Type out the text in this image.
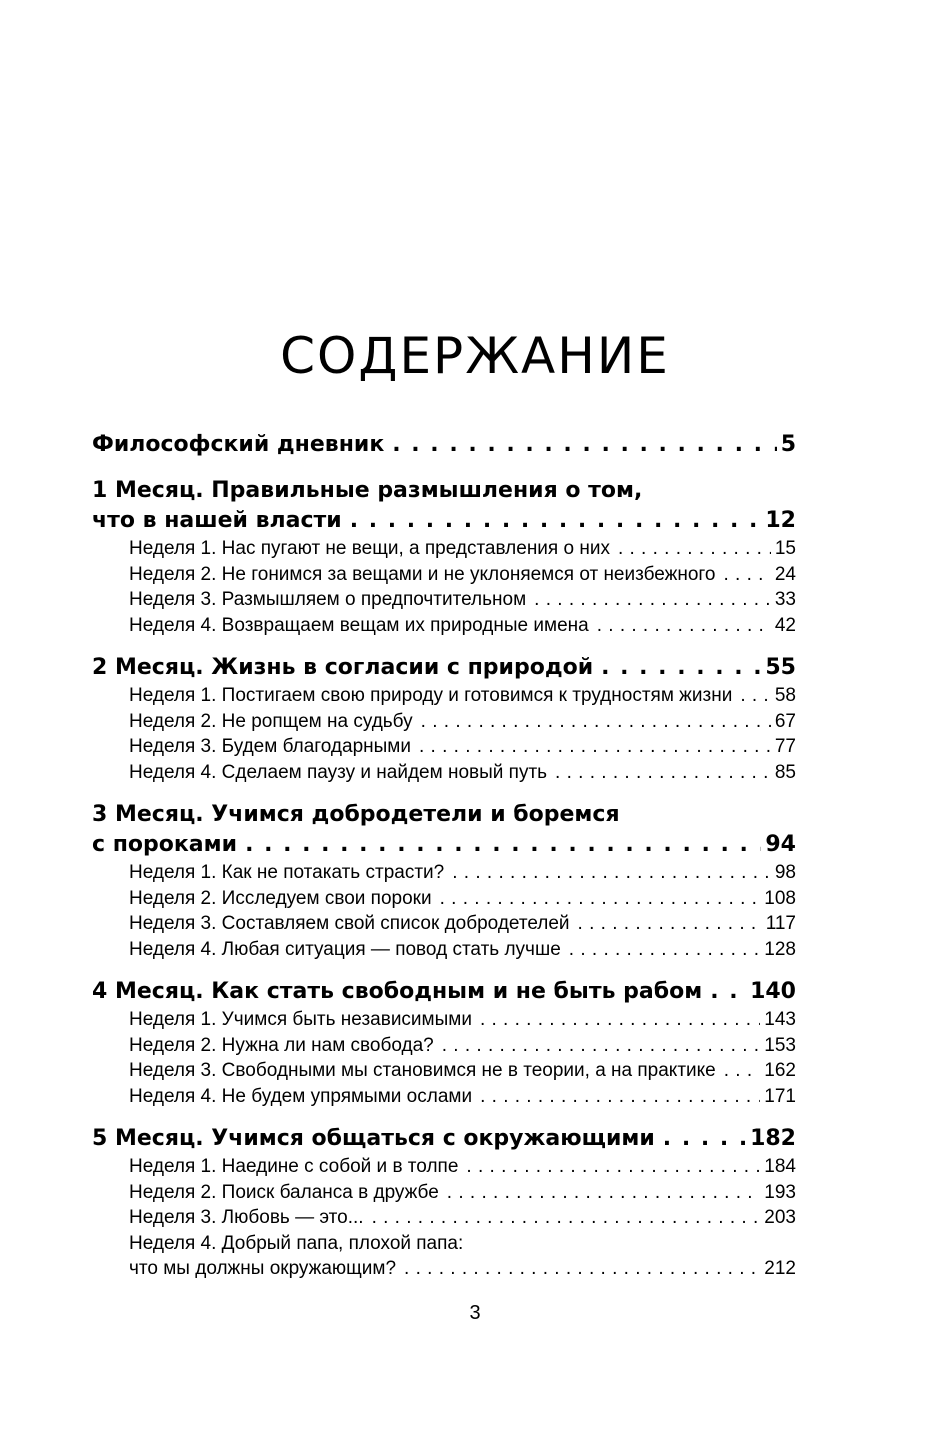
СОДЕРЖАНИЕ
Философский дневник . . .	5
1 Месяц. Правильные размышления о том,
что в нашей власти . . .	12
Неделя 1. Нас пугают не вещи, а представления о них . . .	15
Неделя 2. Не гонимся за вещами и не уклоняемся от неизбежного . . .	24
Неделя 3. Размышляем о предпочтительном . . .	33
Неделя 4. Возвращаем вещам их природные имена . . .	42
2 Месяц. Жизнь в согласии с природой . . .	55
Неделя 1. Постигаем свою природу и готовимся к трудностям жизни . . . 58
Неделя 2. Не ропщем на судьбу . . .	67
Неделя 3. Будем благодарными . . .	77
Неделя 4. Сделаем паузу и найдем новый путь . . .	85
3 Месяц. Учимся добродетели и боремся
с пороками . . .	94
Неделя 1. Как не потакать страсти? . . .	98
Неделя 2. Исследуем свои пороки . . .	108
Неделя 3. Составляем свой список добродетелей . . .	117
Неделя 4. Любая ситуация — повод стать лучше . . .	128
4 Месяц. Как стать свободным и не быть рабом . . . 140
Неделя 1. Учимся быть независимыми . . .	143
Неделя 2. Нужна ли нам свобода? . . .	153
Неделя 3. Свободными мы становимся не в теории, а на практике . . .	162
Неделя 4. Не будем упрямыми ослами . . .	171
5 Месяц. Учимся общаться с окружающими . . .	182
Неделя 1. Наедине с собой и в толпе . . .	184
Неделя 2. Поиск баланса в дружбе . . .	193
Неделя 3. Любовь — это... . . .	203
Неделя 4. Добрый папа, плохой папа:
что мы должны окружающим? . . .	212
3
